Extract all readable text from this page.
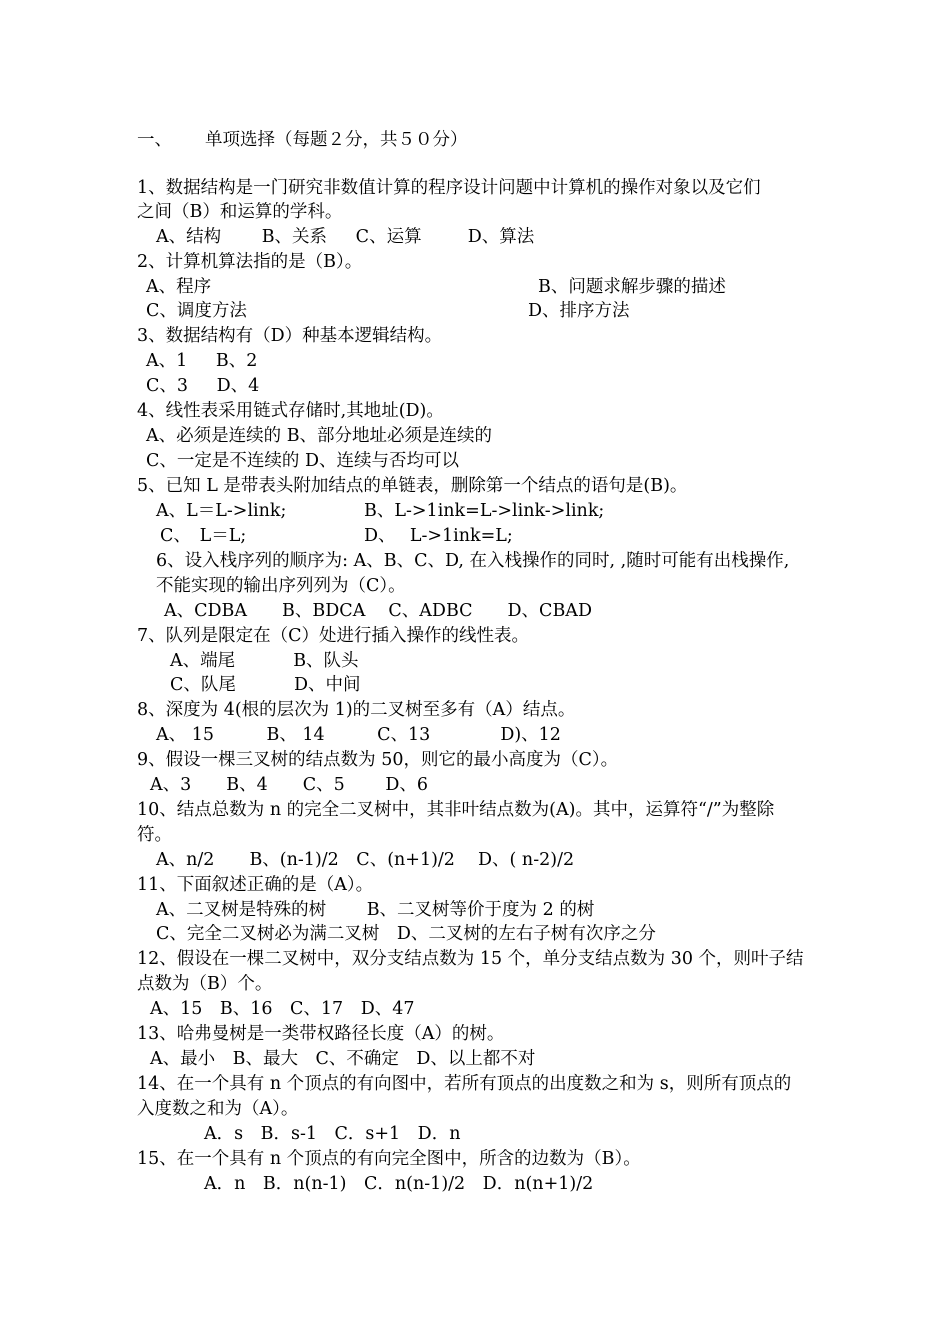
一、 单项选择（每题２分，共５０分）
1、数据结构是一门研究非数值计算的程序设计问题中计算机的操作对象以及它们
之间（B）和运算的学科。
A、结构　 　B、关系 　 C、运算 　 　D、算法
2、计算机算法指的是（B）。
A、程序	B、问题求解步骤的描述
C、调度方法	D、排序方法
3、数据结构有（D）种基本逻辑结构。
A、1　  B、2
C、3　  D、4
4、线性表采用链式存储时,其地址(D)。
A、必须是连续的 B、部分地址必须是连续的
C、一定是不连续的 D、连续与否均可以
5、已知 L 是带表头附加结点的单链表，删除第一个结点的语句是(B)。
A、L＝L->link;	B、L->1ink=L->link->link;
C、　L＝L;	D、　 L->1ink=L;
6、设入栈序列的顺序为: A、B、C、D, 在入栈操作的同时, ,随时可能有出栈操作,
不能实现的输出序列列为（C）。
A、CDBA　　B、BDCA　 C、ADBC　　D、CBAD
7、队列是限定在（C）处进行插入操作的线性表。
A、端尾　　 　B、队头
C、队尾　　 　D、中间
8、深度为 4(根的层次为 1)的二叉树至多有（A）结点。
A、 15　　　B、 14　　　C、13　　　　D)、12
9、假设一棵三叉树的结点数为 50，则它的最小高度为（C）。
A、3　　B、4　　C、5　　 D、6
10、结点总数为 n 的完全二叉树中，其非叶结点数为(A)。其中，运算符“/”为整除
符。
A、n/2　　B、(n-1)/2　C、(n+1)/2　 D、( n-2)/2
11、下面叙述正确的是（A）。
A、二叉树是特殊的树　　 B、二叉树等价于度为 2 的树
C、完全二叉树必为满二叉树　D、二叉树的左右子树有次序之分
12、假设在一棵二叉树中，双分支结点数为 15 个，单分支结点数为 30 个，则叶子结
点数为（B）个。
A、15　B、16　C、17　D、47
13、哈弗曼树是一类带权路径长度（A）的树。
A、最小　B、最大　C、不确定　D、以上都不对
14、在一个具有 n 个顶点的有向图中，若所有顶点的出度数之和为 s，则所有顶点的
入度数之和为（A）。
A．s　B．s-1　C．s+1　D．n
15、在一个具有 n 个顶点的有向完全图中，所含的边数为（B）。
A．n　B．n(n-1)　C．n(n-1)/2　D．n(n+1)/2
